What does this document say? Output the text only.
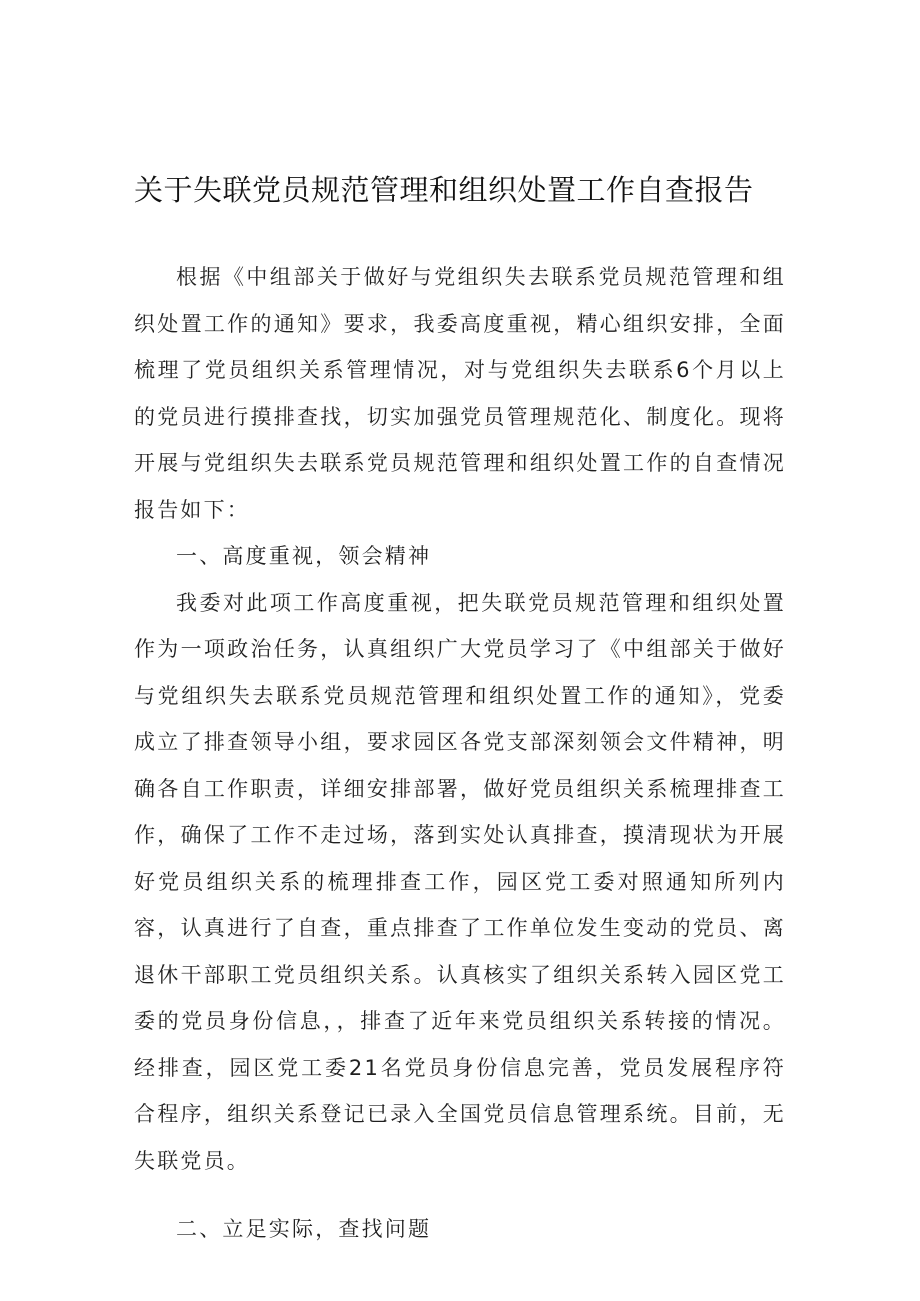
关于失联党员规范管理和组织处置工作自查报告

根据《中组部关于做好与党组织失去联系党员规范管理和组织处置工作的通知》要求，我委高度重视，精心组织安排，全面梳理了党员组织关系管理情况，对与党组织失去联系6个月以上的党员进行摸排查找，切实加强党员管理规范化、制度化。现将开展与党组织失去联系党员规范管理和组织处置工作的自查情况报告如下：

一、高度重视，领会精神

我委对此项工作高度重视，把失联党员规范管理和组织处置作为一项政治任务，认真组织广大党员学习了《中组部关于做好与党组织失去联系党员规范管理和组织处置工作的通知》，党委成立了排查领导小组，要求园区各党支部深刻领会文件精神，明确各自工作职责，详细安排部署，做好党员组织关系梳理排查工作，确保了工作不走过场，落到实处认真排查，摸清现状为开展好党员组织关系的梳理排查工作，园区党工委对照通知所列内容，认真进行了自查，重点排查了工作单位发生变动的党员、离退休干部职工党员组织关系。认真核实了组织关系转入园区党工委的党员身份信息，，排查了近年来党员组织关系转接的情况。经排查，园区党工委21名党员身份信息完善，党员发展程序符合程序，组织关系登记已录入全国党员信息管理系统。目前，无失联党员。

二、立足实际，查找问题
